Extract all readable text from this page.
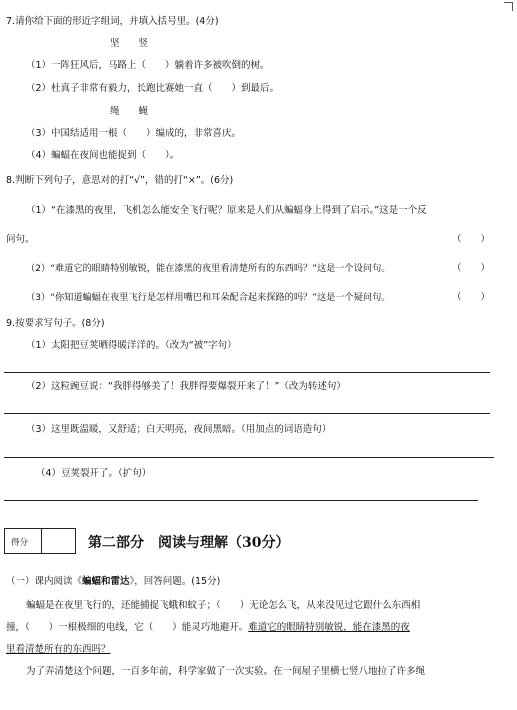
7.请你给下面的形近字组词，并填入括号里。(4分)
坚　　竖
（1）一阵狂风后，马路上（　　）躺着许多被吹倒的树。
（2）杜真子非常有毅力，长跑比赛她一直（　　）到最后。
绳　　蝇
（3）中国结适用一根（　　）编成的，非常喜庆。
（4）蝙蝠在夜间也能捉到（　　）。
8.判断下列句子，意思对的打“√”，错的打“×”。(6分)
（1）“在漆黑的夜里，飞机怎么能安全飞行呢？原来是人们从蝙蝠身上得到了启示。”这是一个反
问句。	（　　）
（2）“难道它的眼睛特别敏锐，能在漆黑的夜里看清楚所有的东西吗？”这是一个设问句。	（　　）
（3）“你知道蝙蝠在夜里飞行是怎样用嘴巴和耳朵配合起来探路的吗？”这是一个疑问句。	（　　）
9.按要求写句子。(8分)
（1）太阳把豆荚晒得暖洋洋的。（改为“被”字句）
（2）这粒豌豆说：“我胖得够美了！我胖得要爆裂开来了！”（改为转述句）
（3）这里既温暖，又舒适；白天明亮，夜间黑暗。（用加点的词语造句）
（4）豆荚裂开了。（扩句）
得分	第二部分　阅读与理解（30分）
（一）课内阅读《蝙蝠和雷达》，回答问题。(15分)
蝙蝠是在夜里飞行的，还能捕捉飞蛾和蚊子；（　　）无论怎么飞，从来没见过它跟什么东西相
撞，（　　）一根极细的电线，它（　　）能灵巧地避开。难道它的眼睛特别敏锐，能在漆黑的夜
里看清楚所有的东西吗？
为了弄清楚这个问题，一百多年前，科学家做了一次实验。在一间屋子里横七竖八地拉了许多绳
